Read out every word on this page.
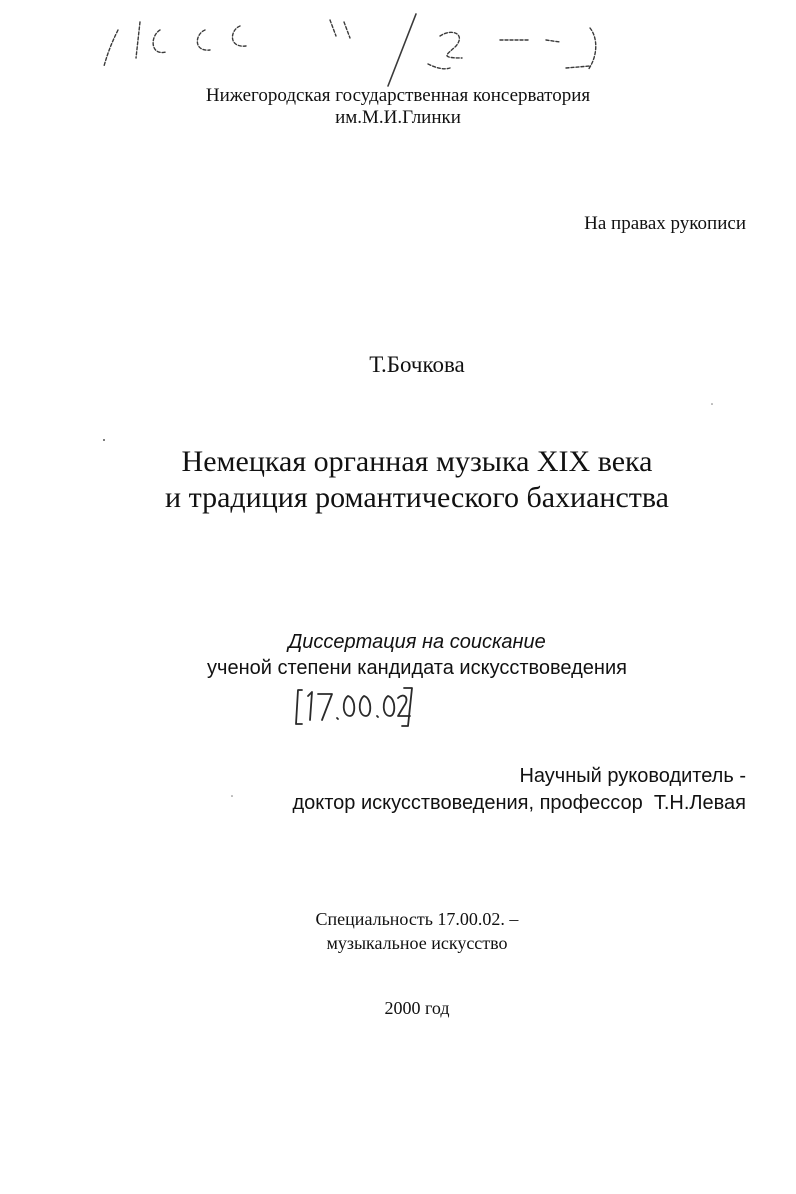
Нижегородская государственная консерватория
им.М.И.Глинки
На правах рукописи
Т.Бочкова
Немецкая органная музыка XIX века
и традиция романтического бахианства
Диссертация на соискание
ученой степени кандидата искусствоведения
Научный руководитель -
доктор искусствоведения, профессор  Т.Н.Левая
Специальность 17.00.02. –
музыкальное искусство
2000 год
